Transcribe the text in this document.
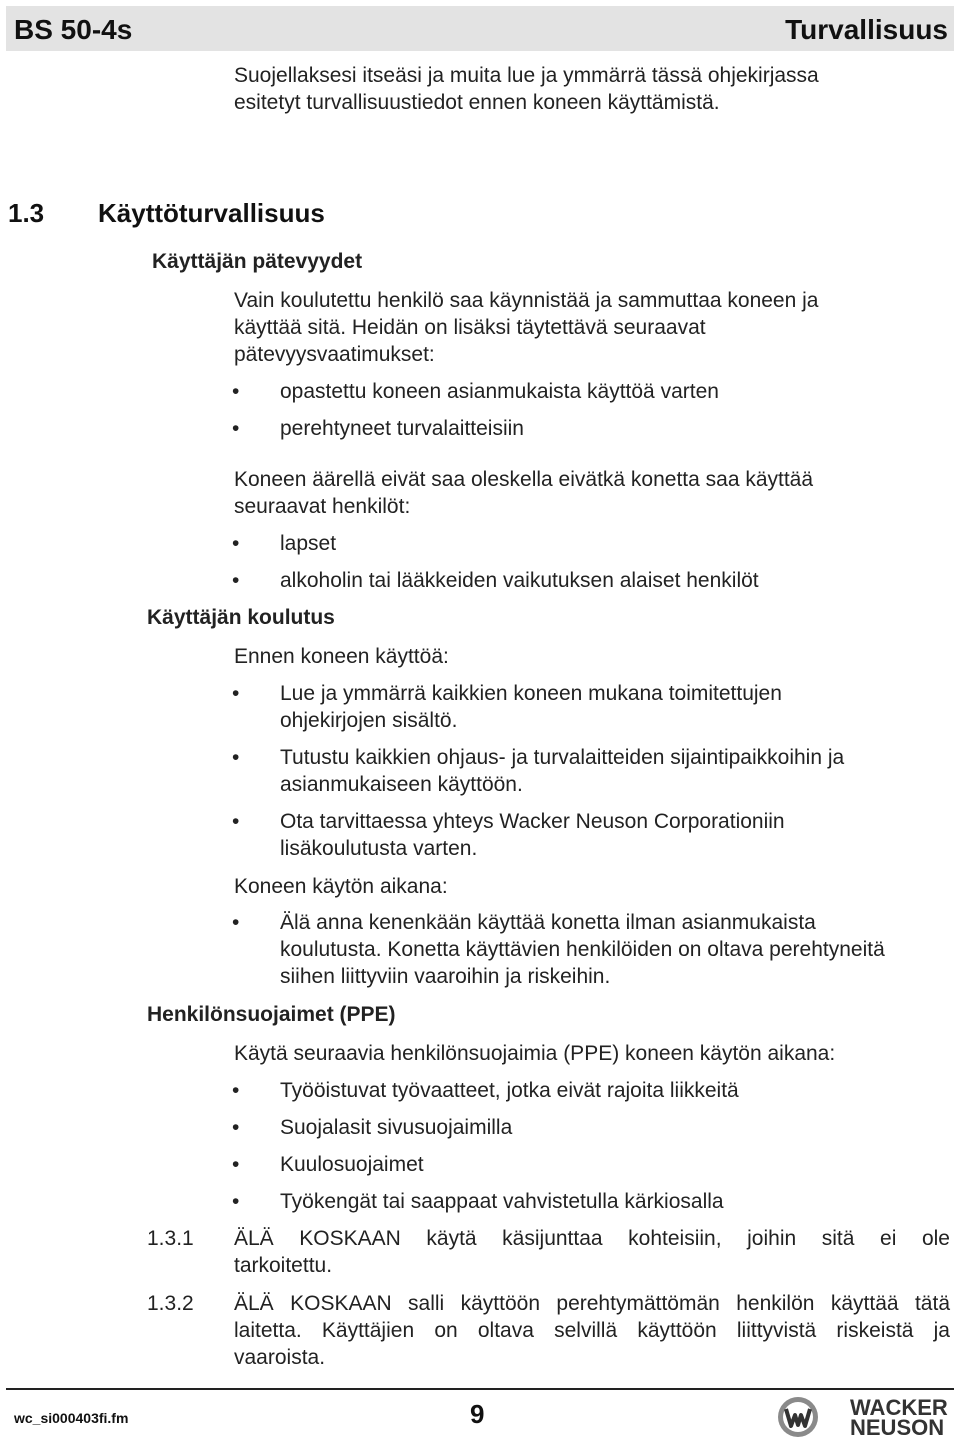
BS 50-4s	Turvallisuus
Suojellaksesi itseäsi ja muita lue ja ymmärrä tässä ohjekirjassa
esitetyt turvallisuustiedot ennen koneen käyttämistä.
1.3 Käyttöturvallisuus
Käyttäjän pätevyydet
Vain koulutettu henkilö saa käynnistää ja sammuttaa koneen ja
käyttää sitä. Heidän on lisäksi täytettävä seuraavat
pätevyysvaatimukset:
• opastettu koneen asianmukaista käyttöä varten
• perehtyneet turvalaitteisiin
Koneen äärellä eivät saa oleskella eivätkä konetta saa käyttää
seuraavat henkilöt:
• lapset
• alkoholin tai lääkkeiden vaikutuksen alaiset henkilöt
Käyttäjän koulutus
Ennen koneen käyttöä:
• Lue ja ymmärrä kaikkien koneen mukana toimitettujen
ohjekirjojen sisältö.
• Tutustu kaikkien ohjaus- ja turvalaitteiden sijaintipaikkoihin ja
asianmukaiseen käyttöön.
• Ota tarvittaessa yhteys Wacker Neuson Corporationiin
lisäkoulutusta varten.
Koneen käytön aikana:
• Älä anna kenenkään käyttää konetta ilman asianmukaista
koulutusta. Konetta käyttävien henkilöiden on oltava perehtyneitä
siihen liittyviin vaaroihin ja riskeihin.
Henkilönsuojaimet (PPE)
Käytä seuraavia henkilönsuojaimia (PPE) koneen käytön aikana:
• Työöistuvat työvaatteet, jotka eivät rajoita liikkeitä
• Suojalasit sivusuojaimilla
• Kuulosuojaimet
• Työkengät tai saappaat vahvistetulla kärkiosalla
1.3.1 ÄLÄ KOSKAAN käytä käsijunttaa kohteisiin, joihin sitä ei ole
tarkoitettu.
1.3.2 ÄLÄ KOSKAAN salli käyttöön perehtymättömän henkilön käyttää tätä
laitetta. Käyttäjien on oltava selvillä käyttöön liittyvistä riskeistä ja
vaaroista.
wc_si000403fi.fm	9	WACKER
NEUSON
